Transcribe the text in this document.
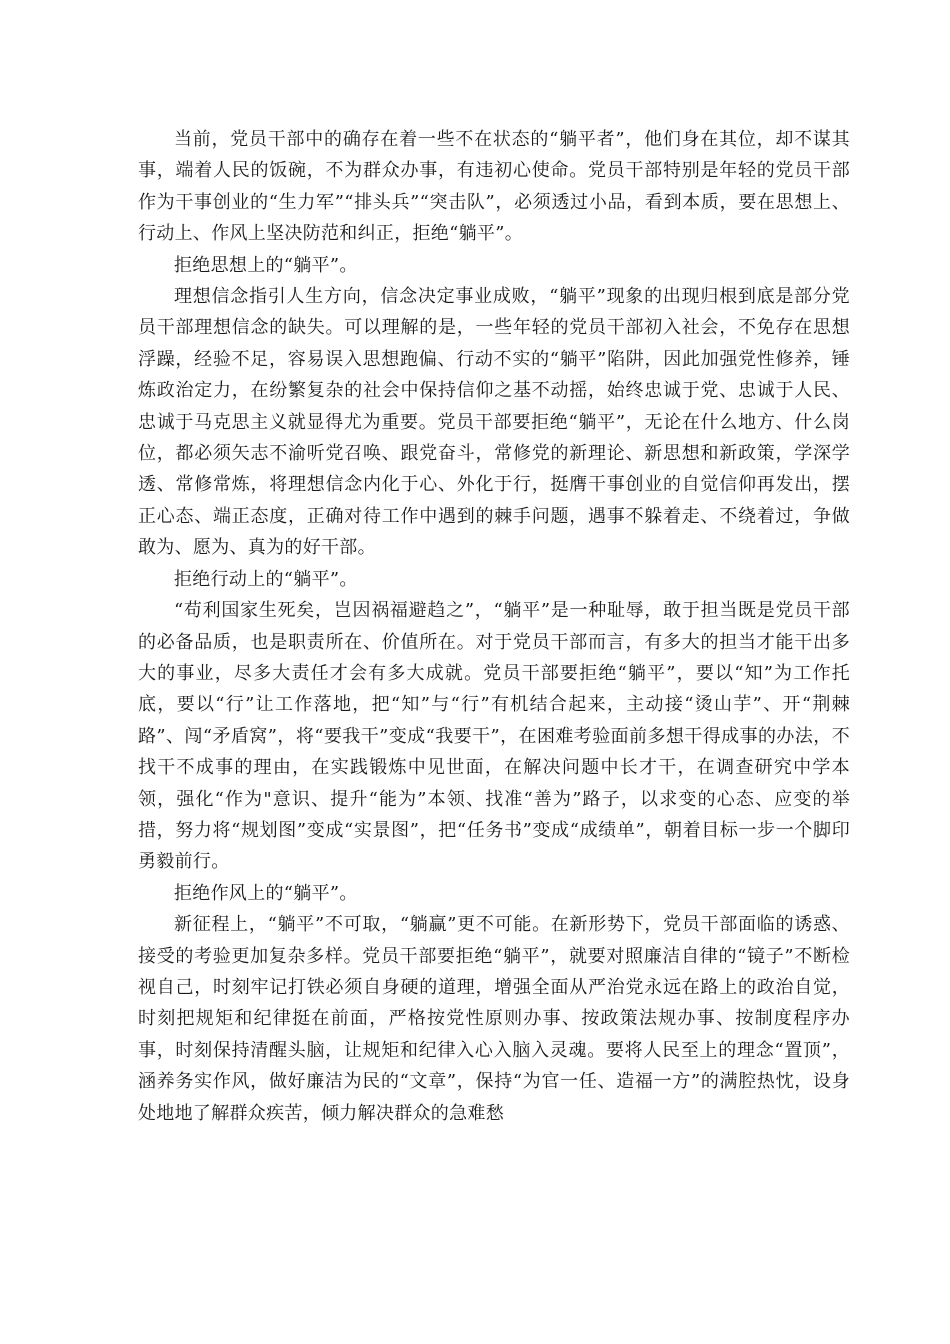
当前，党员干部中的确存在着一些不在状态的“躺平者”，他们身在其位，却不谋其事，端着人民的饭碗，不为群众办事，有违初心使命。党员干部特别是年轻的党员干部作为干事创业的“生力军”“排头兵”“突击队”，必须透过小品，看到本质，要在思想上、行动上、作风上坚决防范和纠正，拒绝“躺平”。

拒绝思想上的“躺平”。

理想信念指引人生方向，信念决定事业成败，“躺平”现象的出现归根到底是部分党员干部理想信念的缺失。可以理解的是，一些年轻的党员干部初入社会，不免存在思想浮躁，经验不足，容易误入思想跑偏、行动不实的“躺平”陷阱，因此加强党性修养，锤炼政治定力，在纷繁复杂的社会中保持信仰之基不动摇，始终忠诚于党、忠诚于人民、忠诚于马克思主义就显得尤为重要。党员干部要拒绝“躺平”，无论在什么地方、什么岗位，都必须矢志不渝听党召唤、跟党奋斗，常修党的新理论、新思想和新政策，学深学透、常修常炼，将理想信念内化于心、外化于行，挺膺干事创业的自觉信仰再发出，摆正心态、端正态度，正确对待工作中遇到的棘手问题，遇事不躲着走、不绕着过，争做敢为、愿为、真为的好干部。

拒绝行动上的“躺平”。

“苟利国家生死矣，岂因祸福避趋之”，“躺平”是一种耻辱，敢于担当既是党员干部的必备品质，也是职责所在、价值所在。对于党员干部而言，有多大的担当才能干出多大的事业，尽多大责任才会有多大成就。党员干部要拒绝“躺平”，要以“知”为工作托底，要以“行”让工作落地，把“知”与“行”有机结合起来，主动接“烫山芋”、开“荆棘路”、闯“矛盾窝”，将“要我干”变成“我要干”，在困难考验面前多想干得成事的办法，不找干不成事的理由，在实践锻炼中见世面，在解决问题中长才干，在调查研究中学本领，强化“作为"意识、提升“能为”本领、找准“善为”路子，以求变的心态、应变的举措，努力将“规划图”变成“实景图”，把“任务书”变成“成绩单”，朝着目标一步一个脚印勇毅前行。

拒绝作风上的“躺平”。

新征程上，“躺平”不可取，“躺赢”更不可能。在新形势下，党员干部面临的诱惑、接受的考验更加复杂多样。党员干部要拒绝“躺平”，就要对照廉洁自律的“镜子”不断检视自己，时刻牢记打铁必须自身硬的道理，增强全面从严治党永远在路上的政治自觉，时刻把规矩和纪律挺在前面，严格按党性原则办事、按政策法规办事、按制度程序办事，时刻保持清醒头脑，让规矩和纪律入心入脑入灵魂。要将人民至上的理念“置顶”，涵养务实作风，做好廉洁为民的“文章”，保持“为官一任、造福一方”的满腔热忱，设身处地地了解群众疾苦，倾力解决群众的急难愁
